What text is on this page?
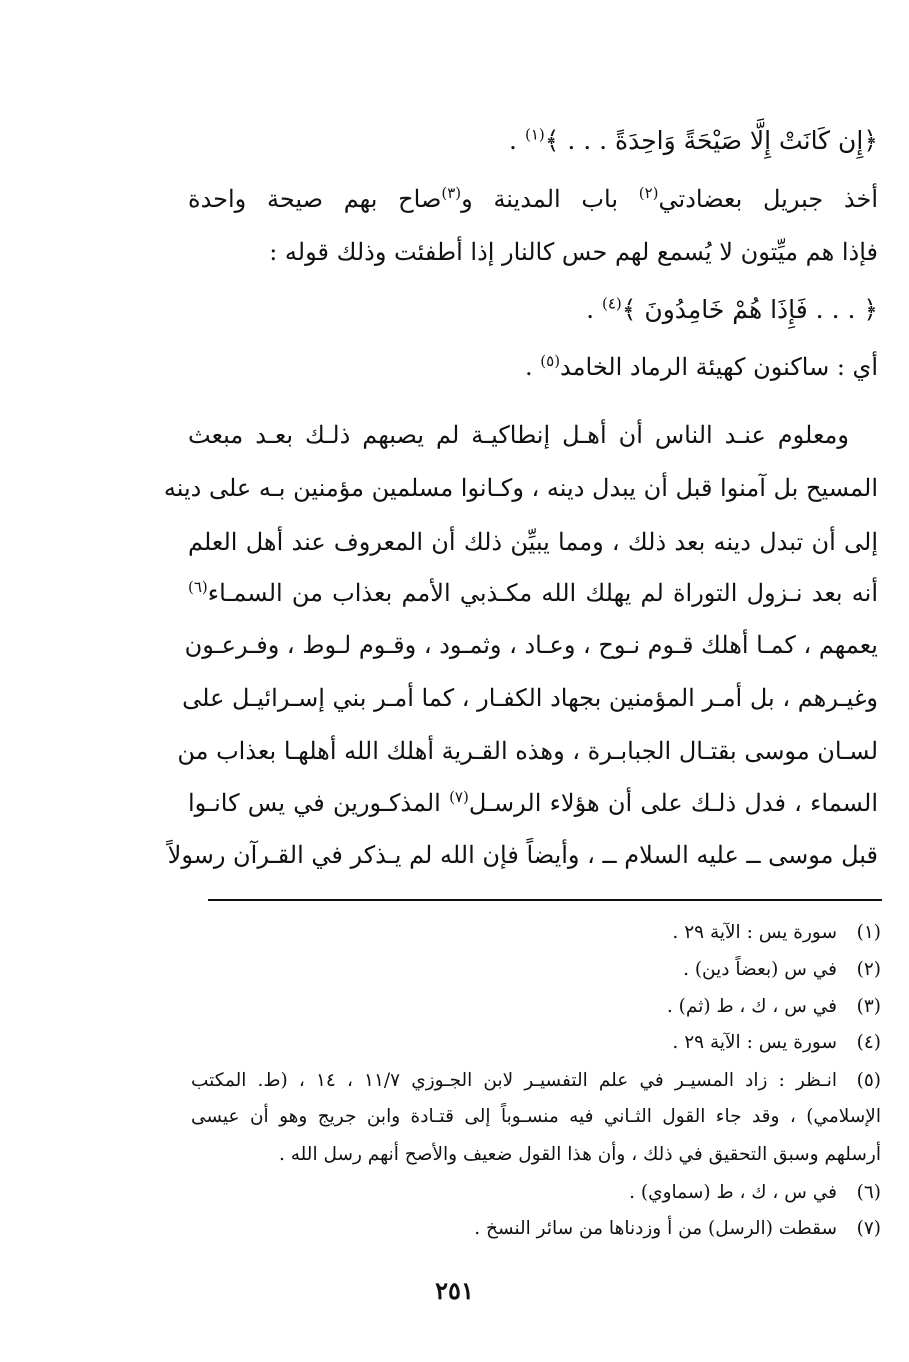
﴿إِن كَانَتْ إِلَّا صَيْحَةً وَاحِدَةً . . . ﴾$^{(١)}$ .
أخذ جبريل بعضادتي$^{(٢)}$ باب المدينة و$^{(٣)}$صاح بهم صيحة واحدة
فإذا هم ميِّتون لا يُسمع لهم حس كالنار إذا أطفئت وذلك قوله :
﴿ . . . فَإِذَا هُمْ خَامِدُونَ ﴾$^{(٤)}$ .
أي : ساكنون كهيئة الرماد الخامد$^{(٥)}$ .
ومعلوم عنـد الناس أن أهـل إنطاكيـة لم يصبهم ذلـك بعـد مبعث
المسيح بل آمنوا قبل أن يبدل دينه ، وكـانوا مسلمين مؤمنين بـه على دينه
إلى أن تبدل دينه بعد ذلك ، ومما يبيِّن ذلك أن المعروف عند أهل العلم
أنه بعد نـزول التوراة لم يهلك الله مكـذبي الأمم بعذاب من السمـاء$^{(٦)}$
يعمهم ، كمـا أهلك قـوم نـوح ، وعـاد ، وثمـود ، وقـوم لـوط ، وفـرعـون
وغيـرهم ، بل أمـر المؤمنين بجهاد الكفـار ، كما أمـر بني إسـرائيـل على
لسـان موسى بقتـال الجبابـرة ، وهذه القـرية أهلك الله أهلهـا بعذاب من
السماء ، فدل ذلـك على أن هؤلاء الرسـل$^{(٧)}$ المذكـورين في يس كانـوا
قبل موسى ــ عليه السلام ــ ، وأيضاً فإن الله لم يـذكر في القـرآن رسولاً
(١)سورة يس : الآية ٢٩ .
(٢)في س (بعضاً دين) .
(٣)في س ، ك ، ط (ثم) .
(٤)سورة يس : الآية ٢٩ .
(٥)انـظر : زاد المسيـر في علم التفسيـر لابن الجـوزي ١١/٧ ، ١٤ ، (ط. المكتب
الإسلامي) ، وقد جاء القول الثـاني فيه منسـوباً إلى قتـادة وابن جريج وهو أن عيسى
أرسلهم وسبق التحقيق في ذلك ، وأن هذا القول ضعيف والأصح أنهم رسل الله .
(٦)في س ، ك ، ط (سماوي) .
(٧)سقطت (الرسل) من أ وزدناها من سائر النسخ .
٢٥١
